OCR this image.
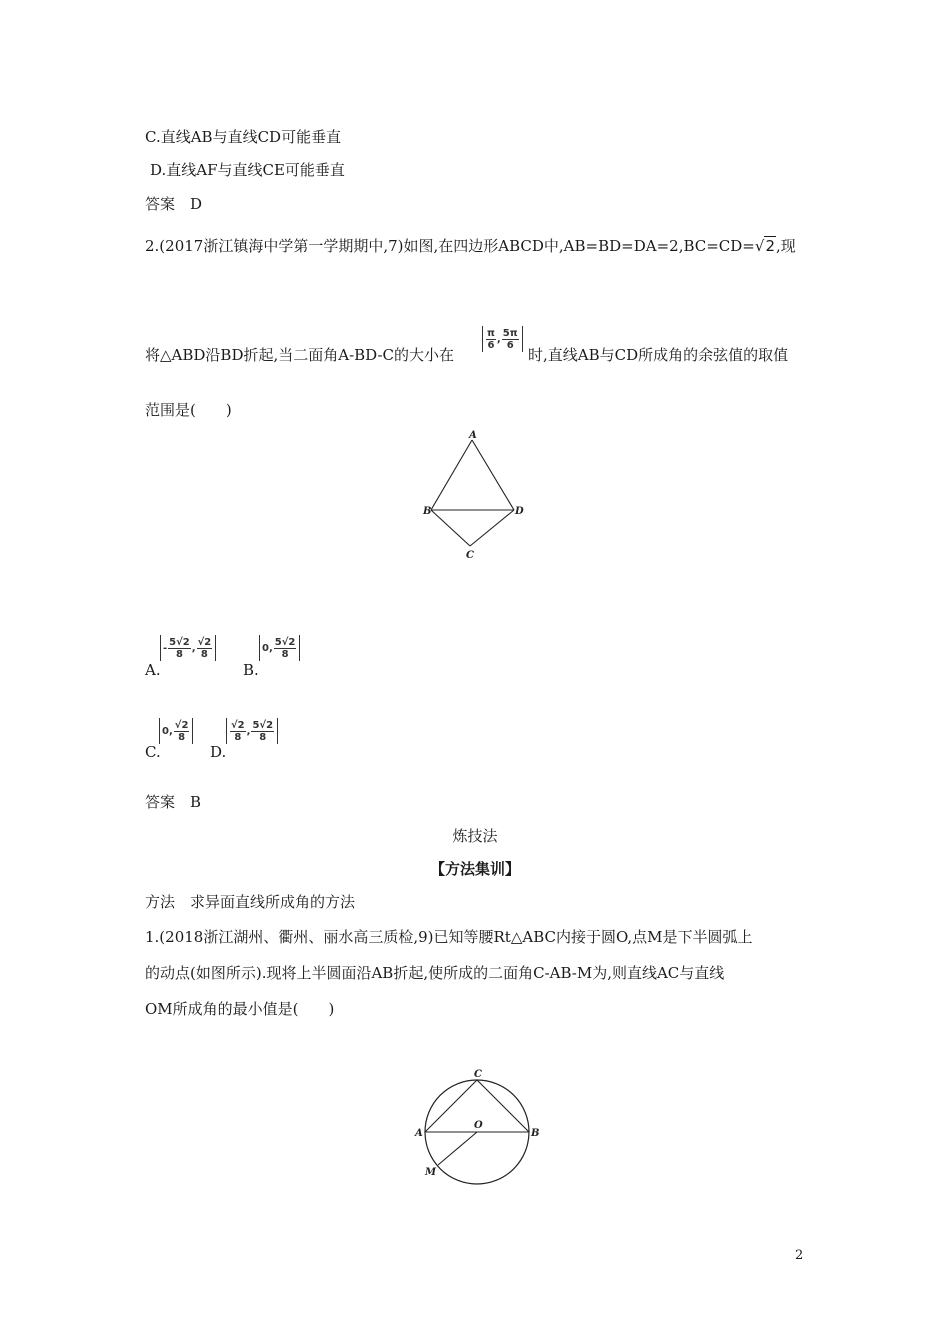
C.直线AB与直线CD可能垂直
D.直线AF与直线CE可能垂直
答案　D
2.(2017浙江镇海中学第一学期期中,7)如图,在四边形ABCD中,AB=BD=DA=2,BC=CD=√2,现
将△ABD沿BD折起,当二面角A-BD-C的大小在
$\frac{\pi}{6}$ , $\frac{5\pi}{6}$
时,直线AB与CD所成角的余弦值的取值
范围是(　　)
A
B	D
C
A.
- $\frac{5√2}{8}$ , $\frac{√2}{8}$
B.
0 , $\frac{5√2}{8}$
C.
0 , $\frac{√2}{8}$
D.
$\frac{√2}{8}$ , $\frac{5√2}{8}$
答案　B
炼技法
【方法集训】
方法　求异面直线所成角的方法
1.(2018浙江湖州、衢州、丽水高三质检,9)已知等腰Rt△ABC内接于圆O,点M是下半圆弧上
的动点(如图所示).现将上半圆面沿AB折起,使所成的二面角C-AB-M为,则直线AC与直线
OM所成角的最小值是(　　)
C
A	B
O
M
2
